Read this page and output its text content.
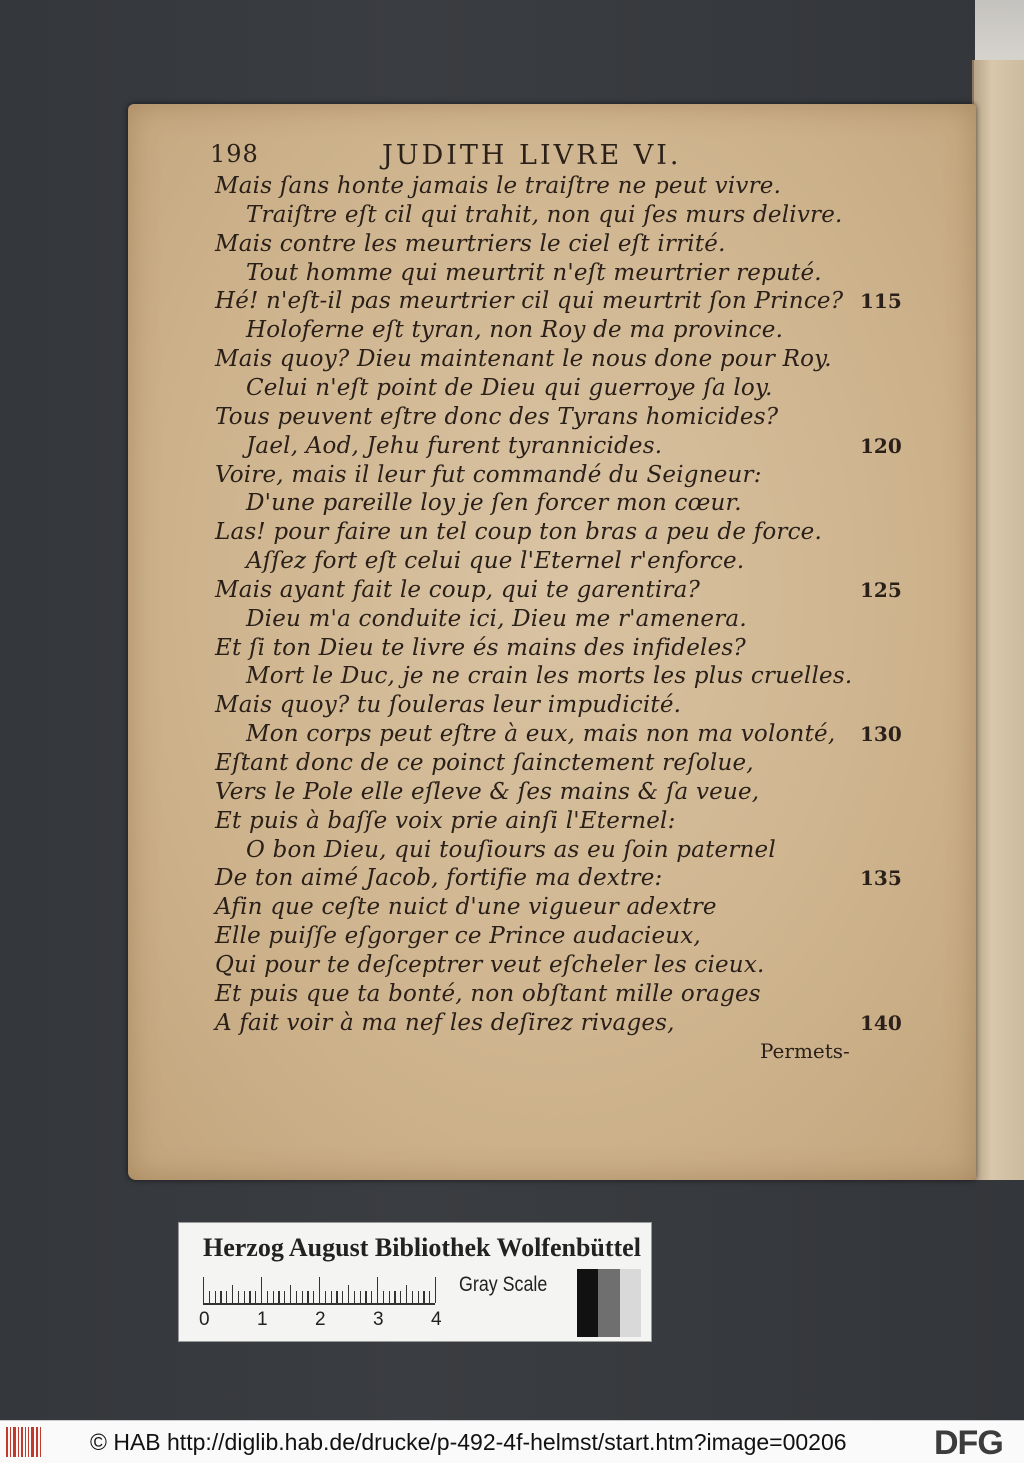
198	JUDITH LIVRE VI.
Mais ſans honte jamais le traiſtre ne peut vivre.
Traiſtre eſt cil qui trahit, non qui ſes murs delivre.
Mais contre les meurtriers le ciel eſt irrité.
Tout homme qui meurtrit n'eſt meurtrier reputé.
Hé! n'eſt-il pas meurtrier cil qui meurtrit ſon Prince? 115
Holoferne eſt tyran, non Roy de ma province.
Mais quoy? Dieu maintenant le nous done pour Roy.
Celui n'eſt point de Dieu qui guerroye ſa loy.
Tous peuvent eſtre donc des Tyrans homicides?
Jael, Aod, Jehu furent tyrannicides.	120
Voire, mais il leur fut commandé du Seigneur:
D'une pareille loy je ſen forcer mon cœur.
Las! pour faire un tel coup ton bras a peu de force.
Aſſez fort eſt celui que l'Eternel r'enforce.
Mais ayant fait le coup, qui te garentira?	125
Dieu m'a conduite ici, Dieu me r'amenera.
Et ſi ton Dieu te livre és mains des infideles?
Mort le Duc, je ne crain les morts les plus cruelles.
Mais quoy? tu ſouleras leur impudicité.
Mon corps peut eſtre à eux, mais non ma volonté, 130
Eſtant donc de ce poinct ſainctement reſolue,
Vers le Pole elle eſleve & ſes mains & ſa veue,
Et puis à baſſe voix prie ainſi l'Eternel:
O bon Dieu, qui touſiours as eu ſoin paternel
De ton aimé Jacob, fortifie ma dextre:	135
Afin que ceſte nuict d'une vigueur adextre
Elle puiſſe eſgorger ce Prince audacieux,
Qui pour te deſceptrer veut eſcheler les cieux.
Et puis que ta bonté, non obſtant mille orages
A fait voir à ma nef les deſirez rivages,	140
Permets-
Herzog August Bibliothek Wolfenbüttel
0 1 2 3 4
Gray Scale
© HAB http://diglib.hab.de/drucke/p-492-4f-helmst/start.htm?image=00206	DFG
